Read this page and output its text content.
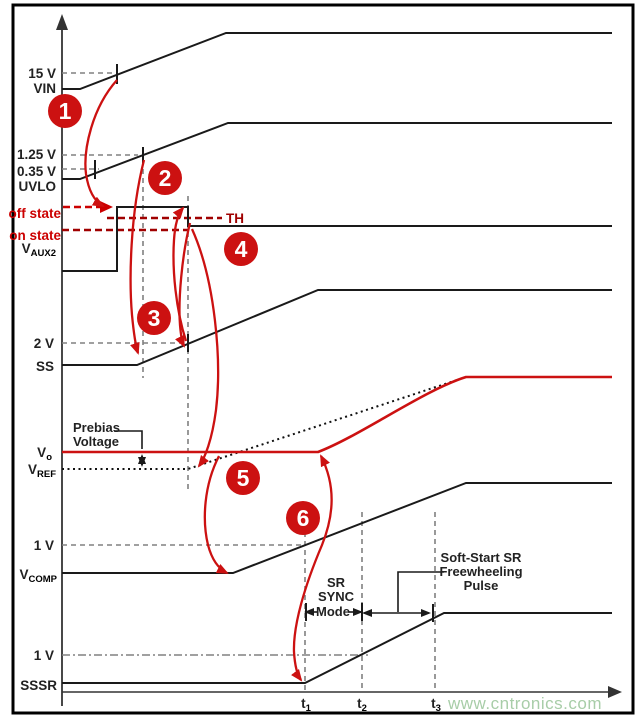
1
2
3
4
5
6
15 V
VIN
1.25 V
0.35 V
UVLO
off state
on state
TH
VAUX2
2 V
SS
Prebias
Voltage
Vo
VREF
1 V
VCOMP
1 V
SSSR
SR
SYNC
Mode
Soft-Start SR
Freewheeling
Pulse
t1	t2	t3 www.cntronics.com
